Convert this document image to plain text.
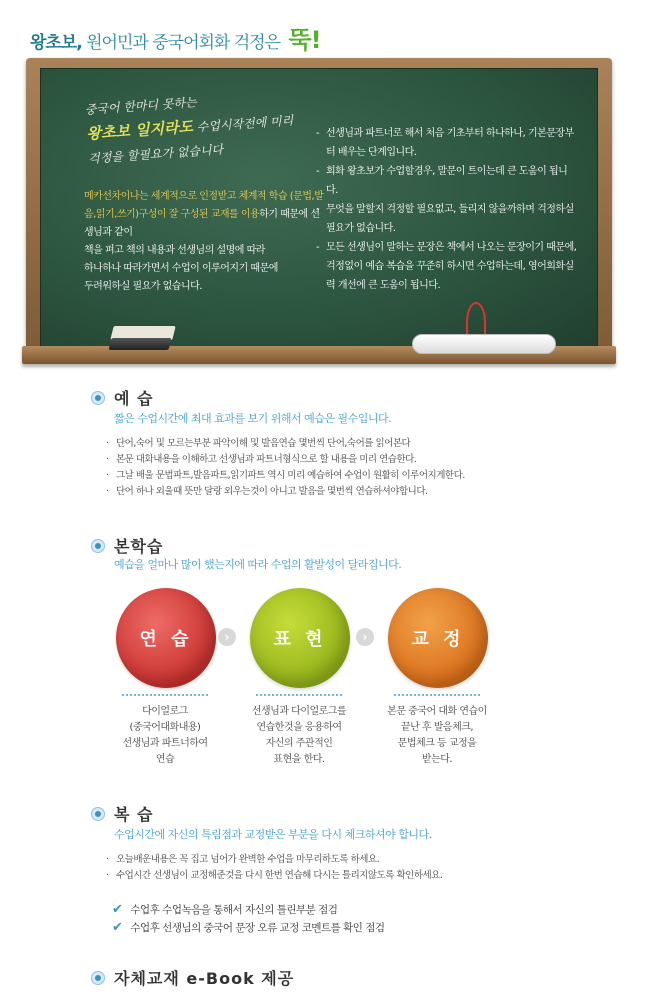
왕초보, 원어민과 중국어회화 걱정은 뚝!
중국어 한마디 못하는
왕초보 일지라도 수업시작전에 미리
걱정을 할필요가 없습니다
메카선차이나는 세계적으로 인정받고 체계적 학습 (문법,발음,읽기,쓰기)구성이 잘 구성된 교재를 이용하기 때문에 선생님과 같이
책을 펴고 책의 내용과 선생님의 설명에 따라
하나하나 따라가면서 수업이 이루어지기 때문에
두려워하실 필요가 없습니다.
- 선생님과 파트너로 해서 처음 기초부터 하나하나, 기본문장부터 배우는 단계입니다.
- 회화 왕초보가 수업할경우, 말문이 트이는데 큰 도움이 됩니다.
- 무엇을 말할지 걱정할 필요없고, 들리지 않을까하며 걱정하실 필요가 없습니다.
- 모든 선생님이 말하는 문장은 책에서 나오는 문장이기 때문에, 걱정없이 예습 복습을 꾸준히 하시면 수업하는데, 영어회화실력 개선에 큰 도움이 됩니다.
예 습
짧은 수업시간에 최대 효과를 보기 위해서 예습은 필수입니다.
· 단어,숙어 및 모르는부분 파악이해 및 발음연습 몇번씩 단어,숙어를 읽어본다
· 본문 대화내용을 이해하고 선생님과 파트너형식으로 할 내용을 미리 연습한다.
· 그날 배울 문법파트,발음파트,읽기파트 역시 미리 예습하여 수업이 원활히 이루어지게한다.
· 단어 하나 외울때 뜻만 달랑 외우는것이 아니고 발음을 몇번씩 연습하셔야합니다.
본학습
예습을 얼마나 많이 했는지에 따라 수업의 활발성이 달라집니다.
연 습	›	표 현	›	교 정
다이얼로그
(중국어대화내용)
선생님과 파트너하여
연습
선생님과 다이얼로그를
연습한것을 응용하여
자신의 주관적인
표현을 한다.
본문 중국어 대화 연습이
끝난 후 발음체크,
문법체크 등 교정을
받는다.
복 습
수업시간에 자신의 특림점과 교정받은 부분을 다시 체크하셔야 합니다.
· 오늘배운내용은 꼭 집고 넘어가 완벽한 수업을 마무리하도록 하세요.
· 수업시간 선생님이 교정해준것을 다시 한번 연습해 다시는 틀리지않도록 확인하세요.
✔ 수업후 수업녹음을 통해서 자신의 틀린부분 점검
✔ 수업후 선생님의 중국어 문장 오류 교정 코멘트를 확인 점검
자체교재 e-Book 제공
